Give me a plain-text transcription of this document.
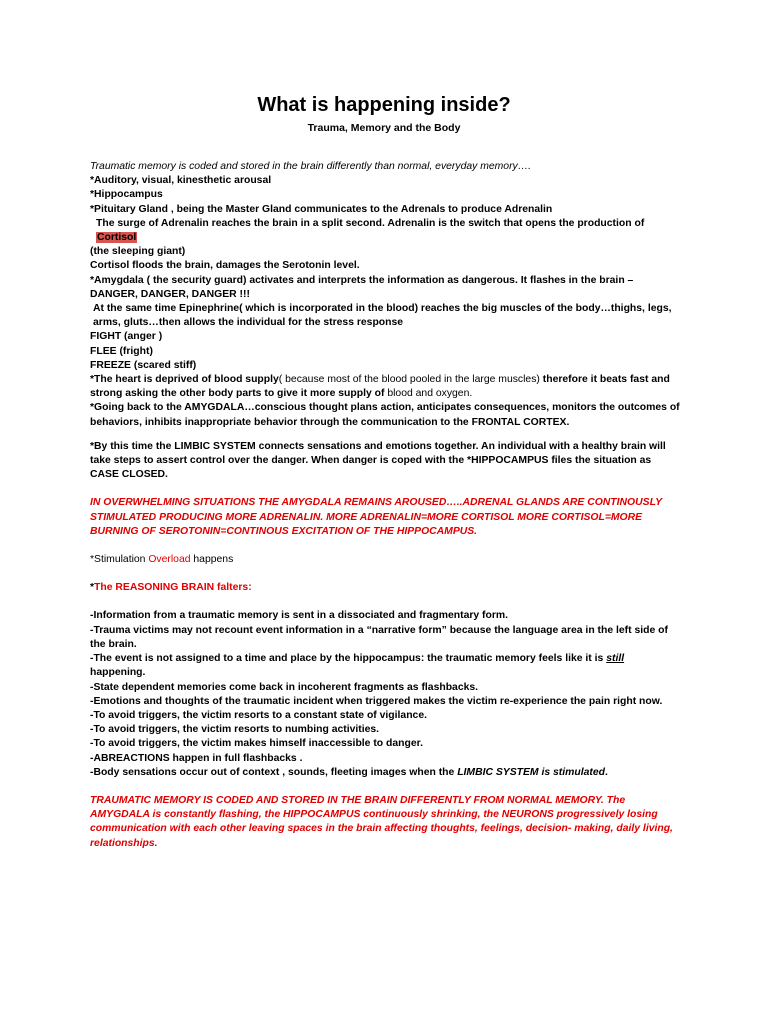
What is happening inside?
Trauma, Memory and the Body

Traumatic memory is coded and stored in the brain differently than normal, everyday memory….

*Auditory, visual, kinesthetic arousal

*Hippocampus

*Pituitary Gland , being the Master Gland communicates to the Adrenals to produce Adrenalin

The surge of Adrenalin reaches the brain in a split second. Adrenalin is the switch that opens the production of Cortisol

(the sleeping giant)

Cortisol floods the brain, damages the Serotonin level.

*Amygdala ( the security guard) activates and interprets the information as dangerous. It flashes in the brain – DANGER, DANGER, DANGER !!!

At the same time Epinephrine( which is incorporated in the blood) reaches the big muscles of the body…thighs, legs, arms, gluts…then allows the individual for the stress response

FIGHT (anger )

FLEE (fright)

FREEZE (scared stiff)

*The heart is deprived of blood supply( because most of the blood pooled in the large muscles) therefore it beats fast and strong asking the other body parts to give it more supply of blood and oxygen.

*Going back to the AMYGDALA…conscious thought plans action, anticipates consequences, monitors the outcomes of behaviors, inhibits inappropriate behavior through the communication to the FRONTAL CORTEX.

*By this time the LIMBIC SYSTEM connects sensations and emotions together. An individual with a healthy brain will take steps to assert control over the danger. When danger is coped with the *HIPPOCAMPUS files the situation as CASE CLOSED.

IN OVERWHELMING SITUATIONS THE AMYGDALA REMAINS AROUSED…..ADRENAL GLANDS ARE CONTINOUSLY STIMULATED PRODUCING MORE ADRENALIN. MORE ADRENALIN=MORE CORTISOL MORE CORTISOL=MORE BURNING OF SEROTONIN=CONTINOUS EXCITATION OF THE HIPPOCAMPUS.

*Stimulation Overload happens

*The REASONING BRAIN falters:

-Information from a traumatic memory is sent in a dissociated and fragmentary form.

-Trauma victims may not recount event information in a “narrative form” because the language area in the left side of the brain.

-The event is not assigned to a time and place by the hippocampus: the traumatic memory feels like it is still happening.

-State dependent memories come back in incoherent fragments as flashbacks.

-Emotions and thoughts of the traumatic incident when triggered makes the victim re-experience the pain right now.

-To avoid triggers, the victim resorts to a constant state of vigilance.

-To avoid triggers, the victim resorts to numbing activities.

-To avoid triggers, the victim makes himself inaccessible to danger.

-ABREACTIONS happen in full flashbacks .

-Body sensations occur out of context , sounds, fleeting images when the LIMBIC SYSTEM is stimulated.

TRAUMATIC MEMORY IS CODED AND STORED IN THE BRAIN DIFFERENTLY FROM NORMAL MEMORY. The AMYGDALA is constantly flashing, the HIPPOCAMPUS continuously shrinking, the NEURONS progressively losing communication with each other leaving spaces in the brain affecting thoughts, feelings, decision- making, daily living, relationships.
